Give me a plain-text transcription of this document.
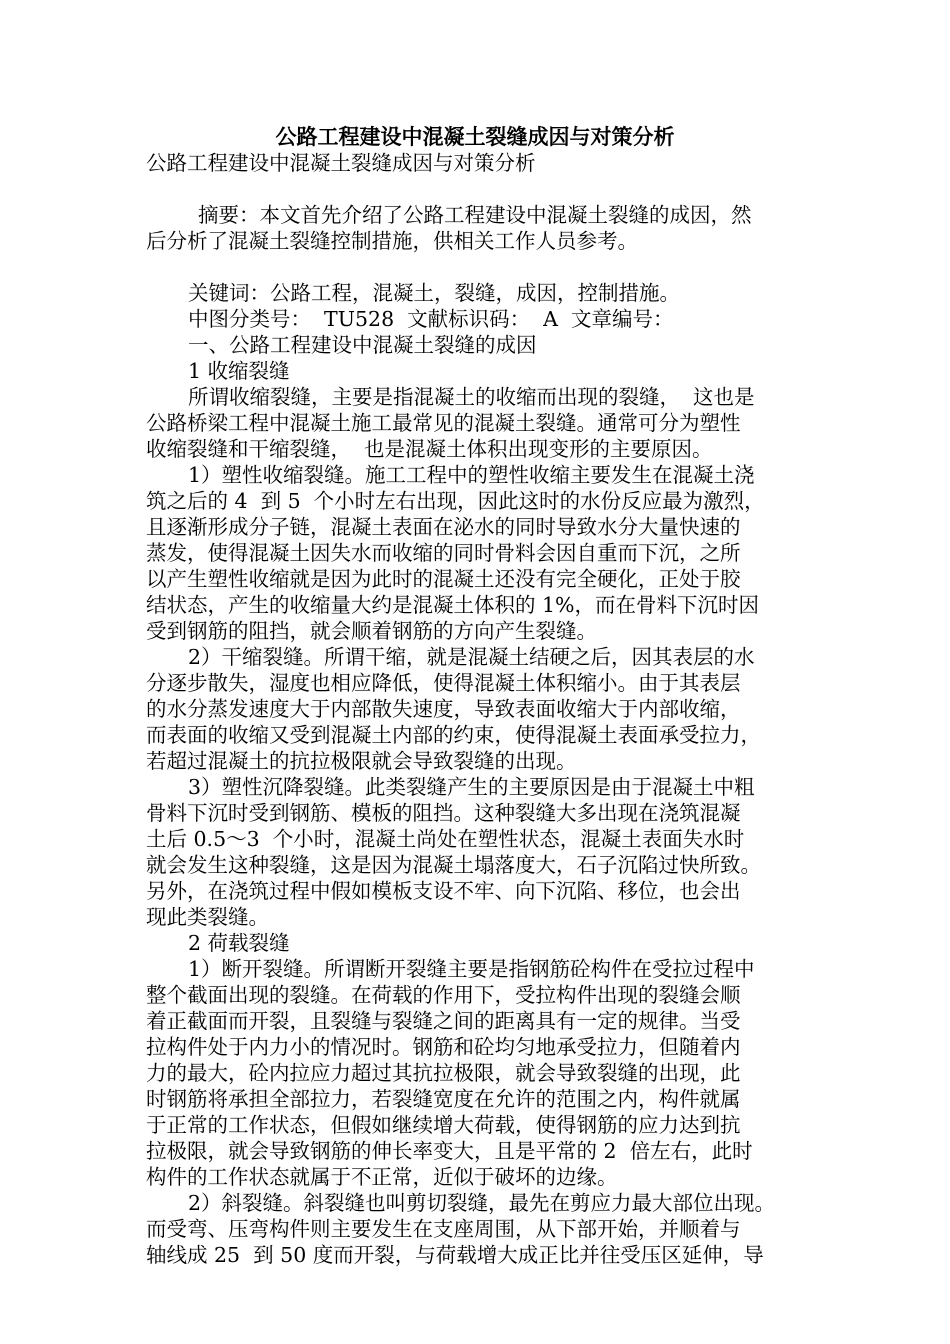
公路工程建设中混凝土裂缝成因与对策分析
公路工程建设中混凝土裂缝成因与对策分析
摘要：本文首先介绍了公路工程建设中混凝土裂缝的成因，然
后分析了混凝土裂缝控制措施，供相关工作人员参考。
关键词：公路工程，混凝土，裂缝，成因，控制措施。
中图分类号：  TU528  文献标识码：  A  文章编号：
一、公路工程建设中混凝土裂缝的成因
1 收缩裂缝
所谓收缩裂缝，主要是指混凝土的收缩而出现的裂缝，  这也是
公路桥梁工程中混凝土施工最常见的混凝土裂缝。通常可分为塑性
收缩裂缝和干缩裂缝，  也是混凝土体积出现变形的主要原因。
1）塑性收缩裂缝。施工工程中的塑性收缩主要发生在混凝土浇
筑之后的 4  到 5  个小时左右出现，因此这时的水份反应最为激烈，
且逐渐形成分子链，混凝土表面在泌水的同时导致水分大量快速的
蒸发，使得混凝土因失水而收缩的同时骨料会因自重而下沉，之所
以产生塑性收缩就是因为此时的混凝土还没有完全硬化，正处于胶
结状态，产生的收缩量大约是混凝土体积的 1%，而在骨料下沉时因
受到钢筋的阻挡，就会顺着钢筋的方向产生裂缝。
2）干缩裂缝。所谓干缩，就是混凝土结硬之后，因其表层的水
分逐步散失，湿度也相应降低，使得混凝土体积缩小。由于其表层
的水分蒸发速度大于内部散失速度，导致表面收缩大于内部收缩，
而表面的收缩又受到混凝土内部的约束，使得混凝土表面承受拉力，
若超过混凝土的抗拉极限就会导致裂缝的出现。
3）塑性沉降裂缝。此类裂缝产生的主要原因是由于混凝土中粗
骨料下沉时受到钢筋、模板的阻挡。这种裂缝大多出现在浇筑混凝
土后 0.5～3  个小时，混凝土尚处在塑性状态，混凝土表面失水时
就会发生这种裂缝，这是因为混凝土塌落度大，石子沉陷过快所致。
另外，在浇筑过程中假如模板支设不牢、向下沉陷、移位，也会出
现此类裂缝。
2 荷载裂缝
1）断开裂缝。所谓断开裂缝主要是指钢筋砼构件在受拉过程中
整个截面出现的裂缝。在荷载的作用下，受拉构件出现的裂缝会顺
着正截面而开裂，且裂缝与裂缝之间的距离具有一定的规律。当受
拉构件处于内力小的情况时。钢筋和砼均匀地承受拉力，但随着内
力的最大，砼内拉应力超过其抗拉极限，就会导致裂缝的出现，此
时钢筋将承担全部拉力，若裂缝宽度在允许的范围之内，构件就属
于正常的工作状态，但假如继续增大荷载，使得钢筋的应力达到抗
拉极限，就会导致钢筋的伸长率变大，且是平常的 2  倍左右，此时
构件的工作状态就属于不正常，近似于破坏的边缘。
2）斜裂缝。斜裂缝也叫剪切裂缝，最先在剪应力最大部位出现。
而受弯、压弯构件则主要发生在支座周围，从下部开始，并顺着与
轴线成 25  到 50 度而开裂，与荷载增大成正比并往受压区延伸，导
